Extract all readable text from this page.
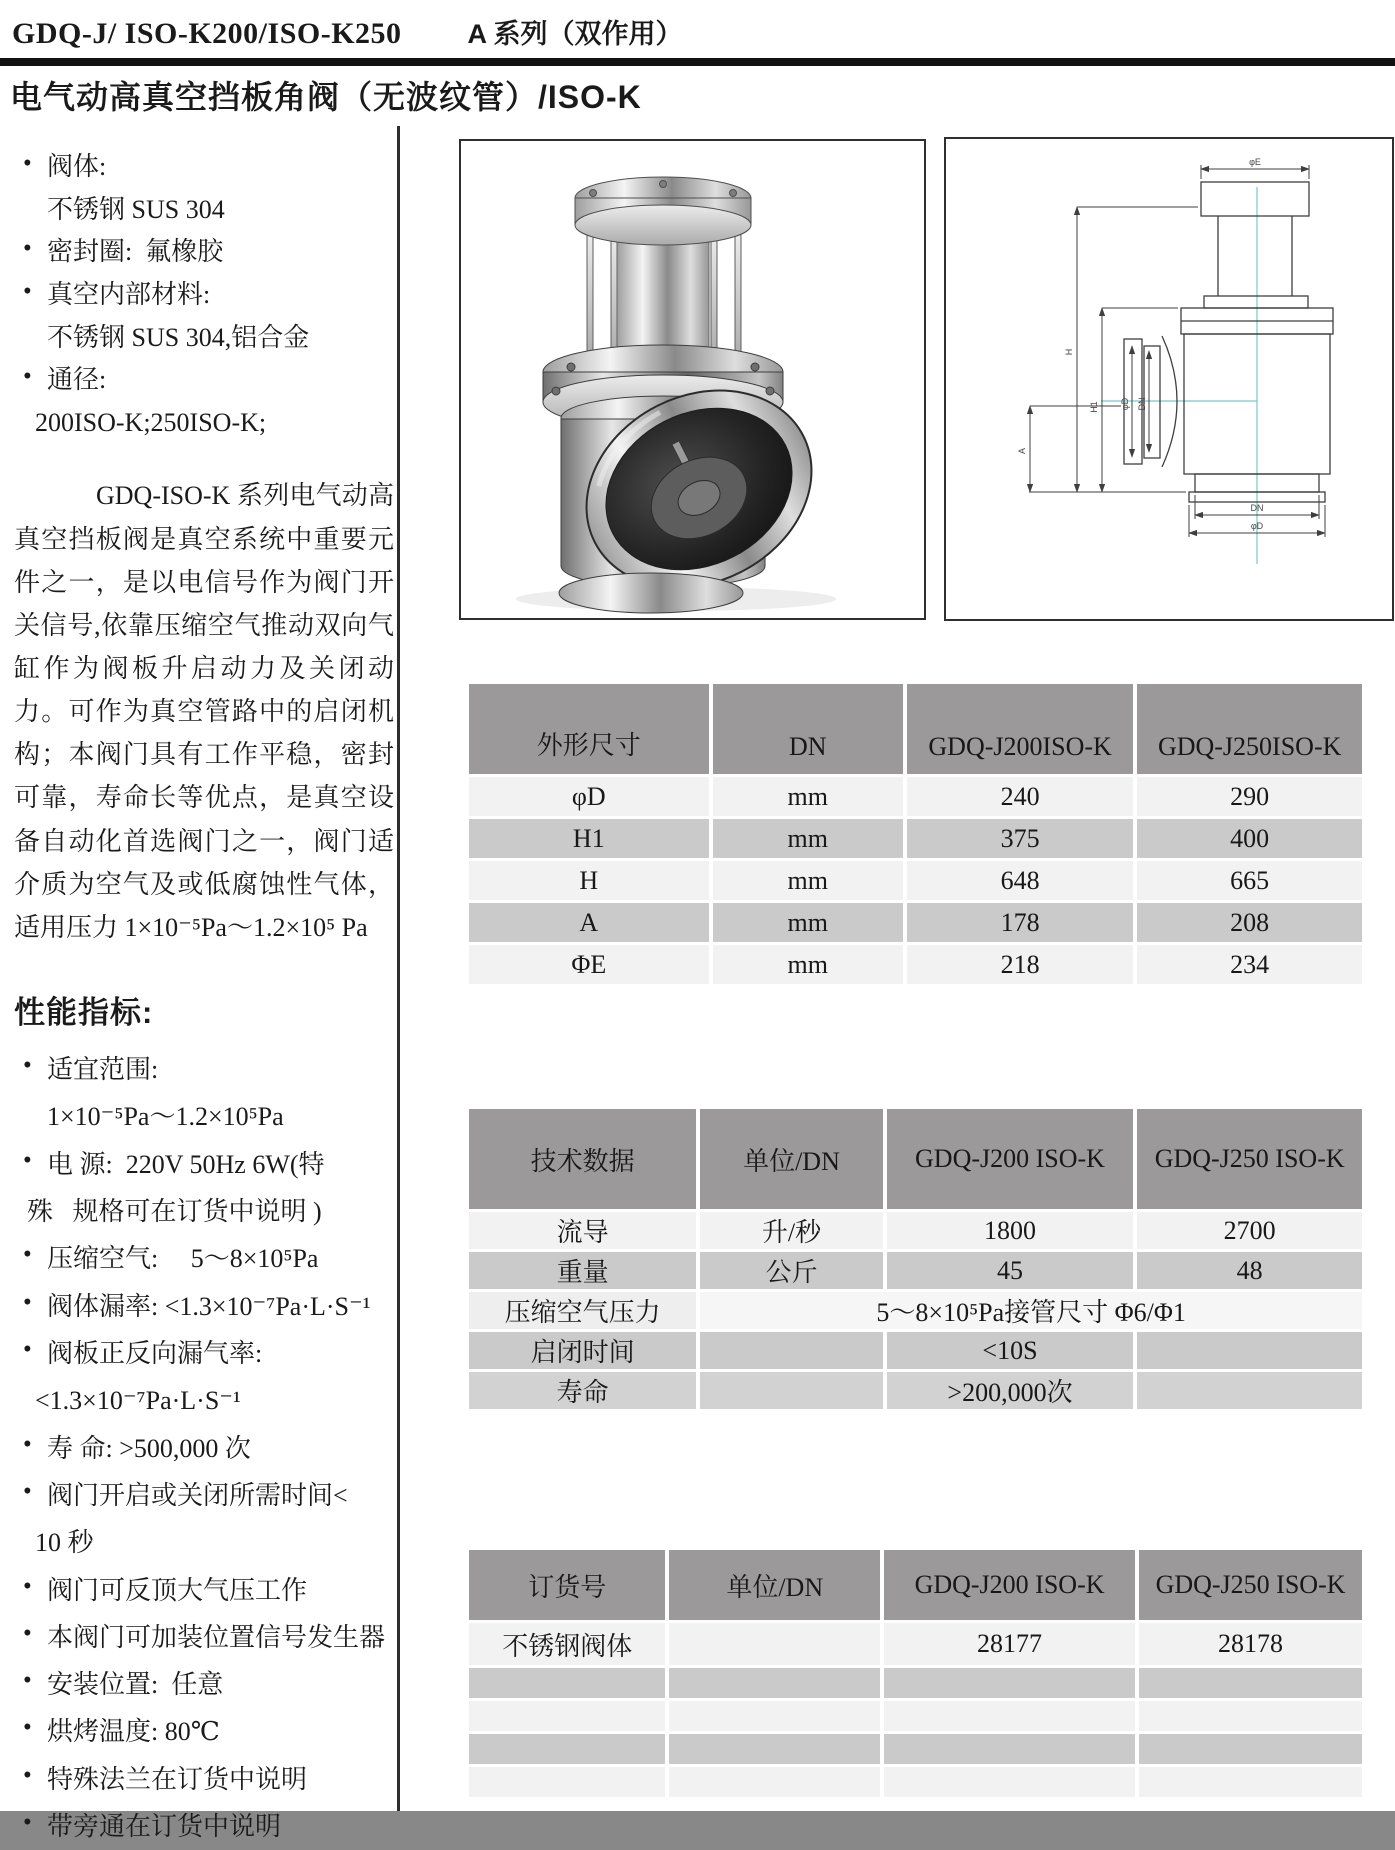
GDQ-J/ ISO-K200/ISO-K250 A 系列（双作用）
电气动高真空挡板角阀（无波纹管）/ISO-K
• 阀体:
不锈钢 SUS 304
• 密封圈:  氟橡胶
• 真空内部材料:
不锈钢 SUS 304,铝合金
• 通径:
200ISO-K;250ISO-K;

GDQ-ISO-K 系列电气动高真空挡板阀是真空系统中重要元件之一，是以电信号作为阀门开关信号,依靠压缩空气推动双向气缸作为阀板升启动力及关闭动力。可作为真空管路中的启闭机构；本阀门具有工作平稳，密封可靠，寿命长等优点，是真空设备自动化首选阀门之一，阀门适介质为空气及或低腐蚀性气体，适用压力 1×10⁻⁵Pa～1.2×10⁵ Pa

性能指标:
• 适宜范围:
1×10⁻⁵Pa～1.2×10⁵Pa
• 电 源:  220V 50Hz 6W(特
殊   规格可在订货中说明 )
• 压缩空气:     5～8×10⁵Pa
• 阀体漏率: <1.3×10⁻⁷Pa·L·S⁻¹
• 阀板正反向漏气率:
<1.3×10⁻⁷Pa·L·S⁻¹
• 寿 命: >500,000 次
• 阀门开启或关闭所需时间<
10 秒
• 阀门可反顶大气压工作
• 本阀门可加装位置信号发生器
• 安装位置:  任意
• 烘烤温度: 80℃
• 特殊法兰在订货中说明
• 带旁通在订货中说明
φE
H
H1
A
φD DN
DN
φD
外形尺寸	DN	GDQ-J200ISO-K	GDQ-J250ISO-K
φD	mm	240	290
H1	mm	375	400
H	mm	648	665
A	mm	178	208
ΦE	mm	218	234
技术数据	单位/DN	GDQ-J200 ISO-K	GDQ-J250 ISO-K
流导	升/秒	1800	2700
重量	公斤	45	48
压缩空气压力	5～8×10⁵Pa接管尺寸 Φ6/Φ1		
启闭时间		<10S	
寿命		>200,000次	
订货号	单位/DN	GDQ-J200 ISO-K	GDQ-J250 ISO-K
不锈钢阀体		28177	28178
